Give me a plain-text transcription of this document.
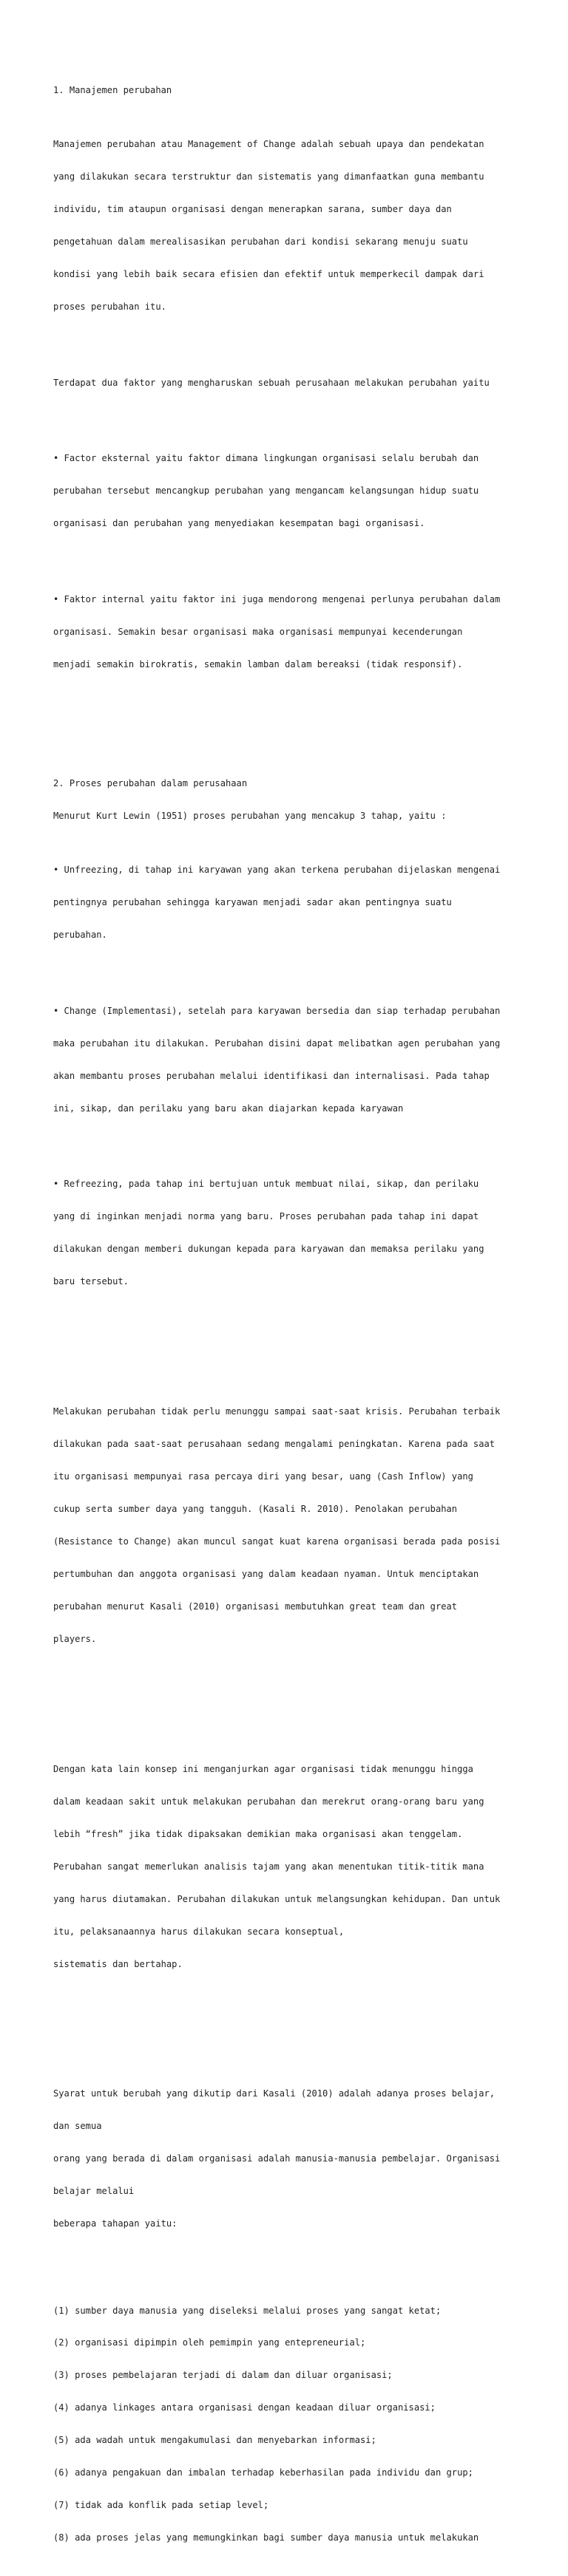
1. Manajemen perubahan

Manajemen perubahan atau Management of Change adalah sebuah upaya dan pendekatan

yang dilakukan secara terstruktur dan sistematis yang dimanfaatkan guna membantu

individu, tim ataupun organisasi dengan menerapkan sarana, sumber daya dan

pengetahuan dalam merealisasikan perubahan dari kondisi sekarang menuju suatu

kondisi yang lebih baik secara efisien dan efektif untuk memperkecil dampak dari

proses perubahan itu.

Terdapat dua faktor yang mengharuskan sebuah perusahaan melakukan perubahan yaitu

• Factor eksternal yaitu faktor dimana lingkungan organisasi selalu berubah dan

perubahan tersebut mencangkup perubahan yang mengancam kelangsungan hidup suatu

organisasi dan perubahan yang menyediakan kesempatan bagi organisasi.

• Faktor internal yaitu faktor ini juga mendorong mengenai perlunya perubahan dalam

organisasi. Semakin besar organisasi maka organisasi mempunyai kecenderungan

menjadi semakin birokratis, semakin lamban dalam bereaksi (tidak responsif).

2. Proses perubahan dalam perusahaan

Menurut Kurt Lewin (1951) proses perubahan yang mencakup 3 tahap, yaitu :

• Unfreezing, di tahap ini karyawan yang akan terkena perubahan dijelaskan mengenai

pentingnya perubahan sehingga karyawan menjadi sadar akan pentingnya suatu

perubahan.

• Change (Implementasi), setelah para karyawan bersedia dan siap terhadap perubahan

maka perubahan itu dilakukan. Perubahan disini dapat melibatkan agen perubahan yang

akan membantu proses perubahan melalui identifikasi dan internalisasi. Pada tahap

ini, sikap, dan perilaku yang baru akan diajarkan kepada karyawan

• Refreezing, pada tahap ini bertujuan untuk membuat nilai, sikap, dan perilaku

yang di inginkan menjadi norma yang baru. Proses perubahan pada tahap ini dapat

dilakukan dengan memberi dukungan kepada para karyawan dan memaksa perilaku yang

baru tersebut.

Melakukan perubahan tidak perlu menunggu sampai saat-saat krisis. Perubahan terbaik

dilakukan pada saat-saat perusahaan sedang mengalami peningkatan. Karena pada saat

itu organisasi mempunyai rasa percaya diri yang besar, uang (Cash Inflow) yang

cukup serta sumber daya yang tangguh. (Kasali R. 2010). Penolakan perubahan

(Resistance to Change) akan muncul sangat kuat karena organisasi berada pada posisi

pertumbuhan dan anggota organisasi yang dalam keadaan nyaman. Untuk menciptakan

perubahan menurut Kasali (2010) organisasi membutuhkan great team dan great

players.

Dengan kata lain konsep ini menganjurkan agar organisasi tidak menunggu hingga

dalam keadaan sakit untuk melakukan perubahan dan merekrut orang-orang baru yang

lebih “fresh” jika tidak dipaksakan demikian maka organisasi akan tenggelam.

Perubahan sangat memerlukan analisis tajam yang akan menentukan titik-titik mana

yang harus diutamakan. Perubahan dilakukan untuk melangsungkan kehidupan. Dan untuk

itu, pelaksanaannya harus dilakukan secara konseptual,

sistematis dan bertahap.

Syarat untuk berubah yang dikutip dari Kasali (2010) adalah adanya proses belajar,

dan semua

orang yang berada di dalam organisasi adalah manusia-manusia pembelajar. Organisasi

belajar melalui

beberapa tahapan yaitu:

(1) sumber daya manusia yang diseleksi melalui proses yang sangat ketat;

(2) organisasi dipimpin oleh pemimpin yang entepreneurial;

(3) proses pembelajaran terjadi di dalam dan diluar organisasi;

(4) adanya linkages antara organisasi dengan keadaan diluar organisasi;

(5) ada wadah untuk mengakumulasi dan menyebarkan informasi;

(6) adanya pengakuan dan imbalan terhadap keberhasilan pada individu dan grup;

(7) tidak ada konflik pada setiap level;

(8) ada proses jelas yang memungkinkan bagi sumber daya manusia untuk melakukan
